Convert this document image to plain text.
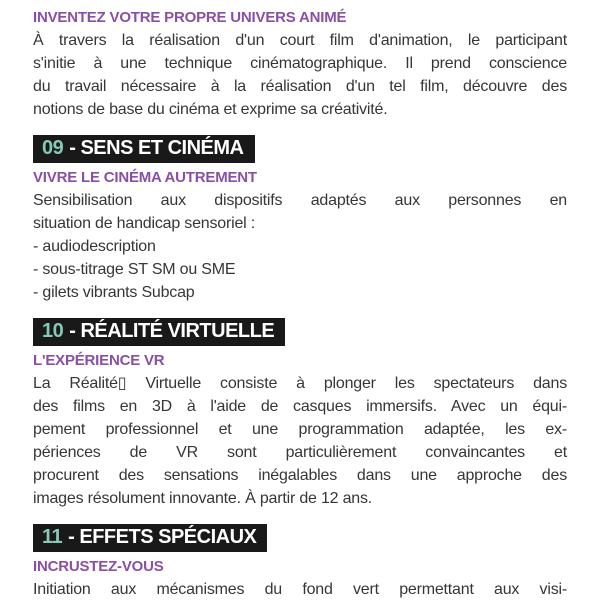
INVENTEZ VOTRE PROPRE UNIVERS ANIMÉ
À travers la réalisation d'un court film d'animation, le participant
s'initie à une technique cinématographique. Il prend conscience
du travail nécessaire à la réalisation d'un tel film, découvre des
notions de base du cinéma et exprime sa créativité.
09 - SENS ET CINÉMA
VIVRE LE CINÉMA AUTREMENT
Sensibilisation aux dispositifs adaptés aux personnes en
situation de handicap sensoriel :
- audiodescription
- sous-titrage ST SM ou SME
- gilets vibrants Subcap
10 - RÉALITÉ VIRTUELLE
L'EXPÉRIENCE VR
La Réalité▯ Virtuelle consiste à plonger les spectateurs dans
des films en 3D à l'aide de casques immersifs. Avec un équi-
pement professionnel et une programmation adaptée, les ex-
périences de VR sont particulièrement convaincantes et
procurent des sensations inégalables dans une approche des
images résolument innovante. À partir de 12 ans.
11 - EFFETS SPÉCIAUX
INCRUSTEZ-VOUS
Initiation aux mécanismes du fond vert permettant aux visi-
